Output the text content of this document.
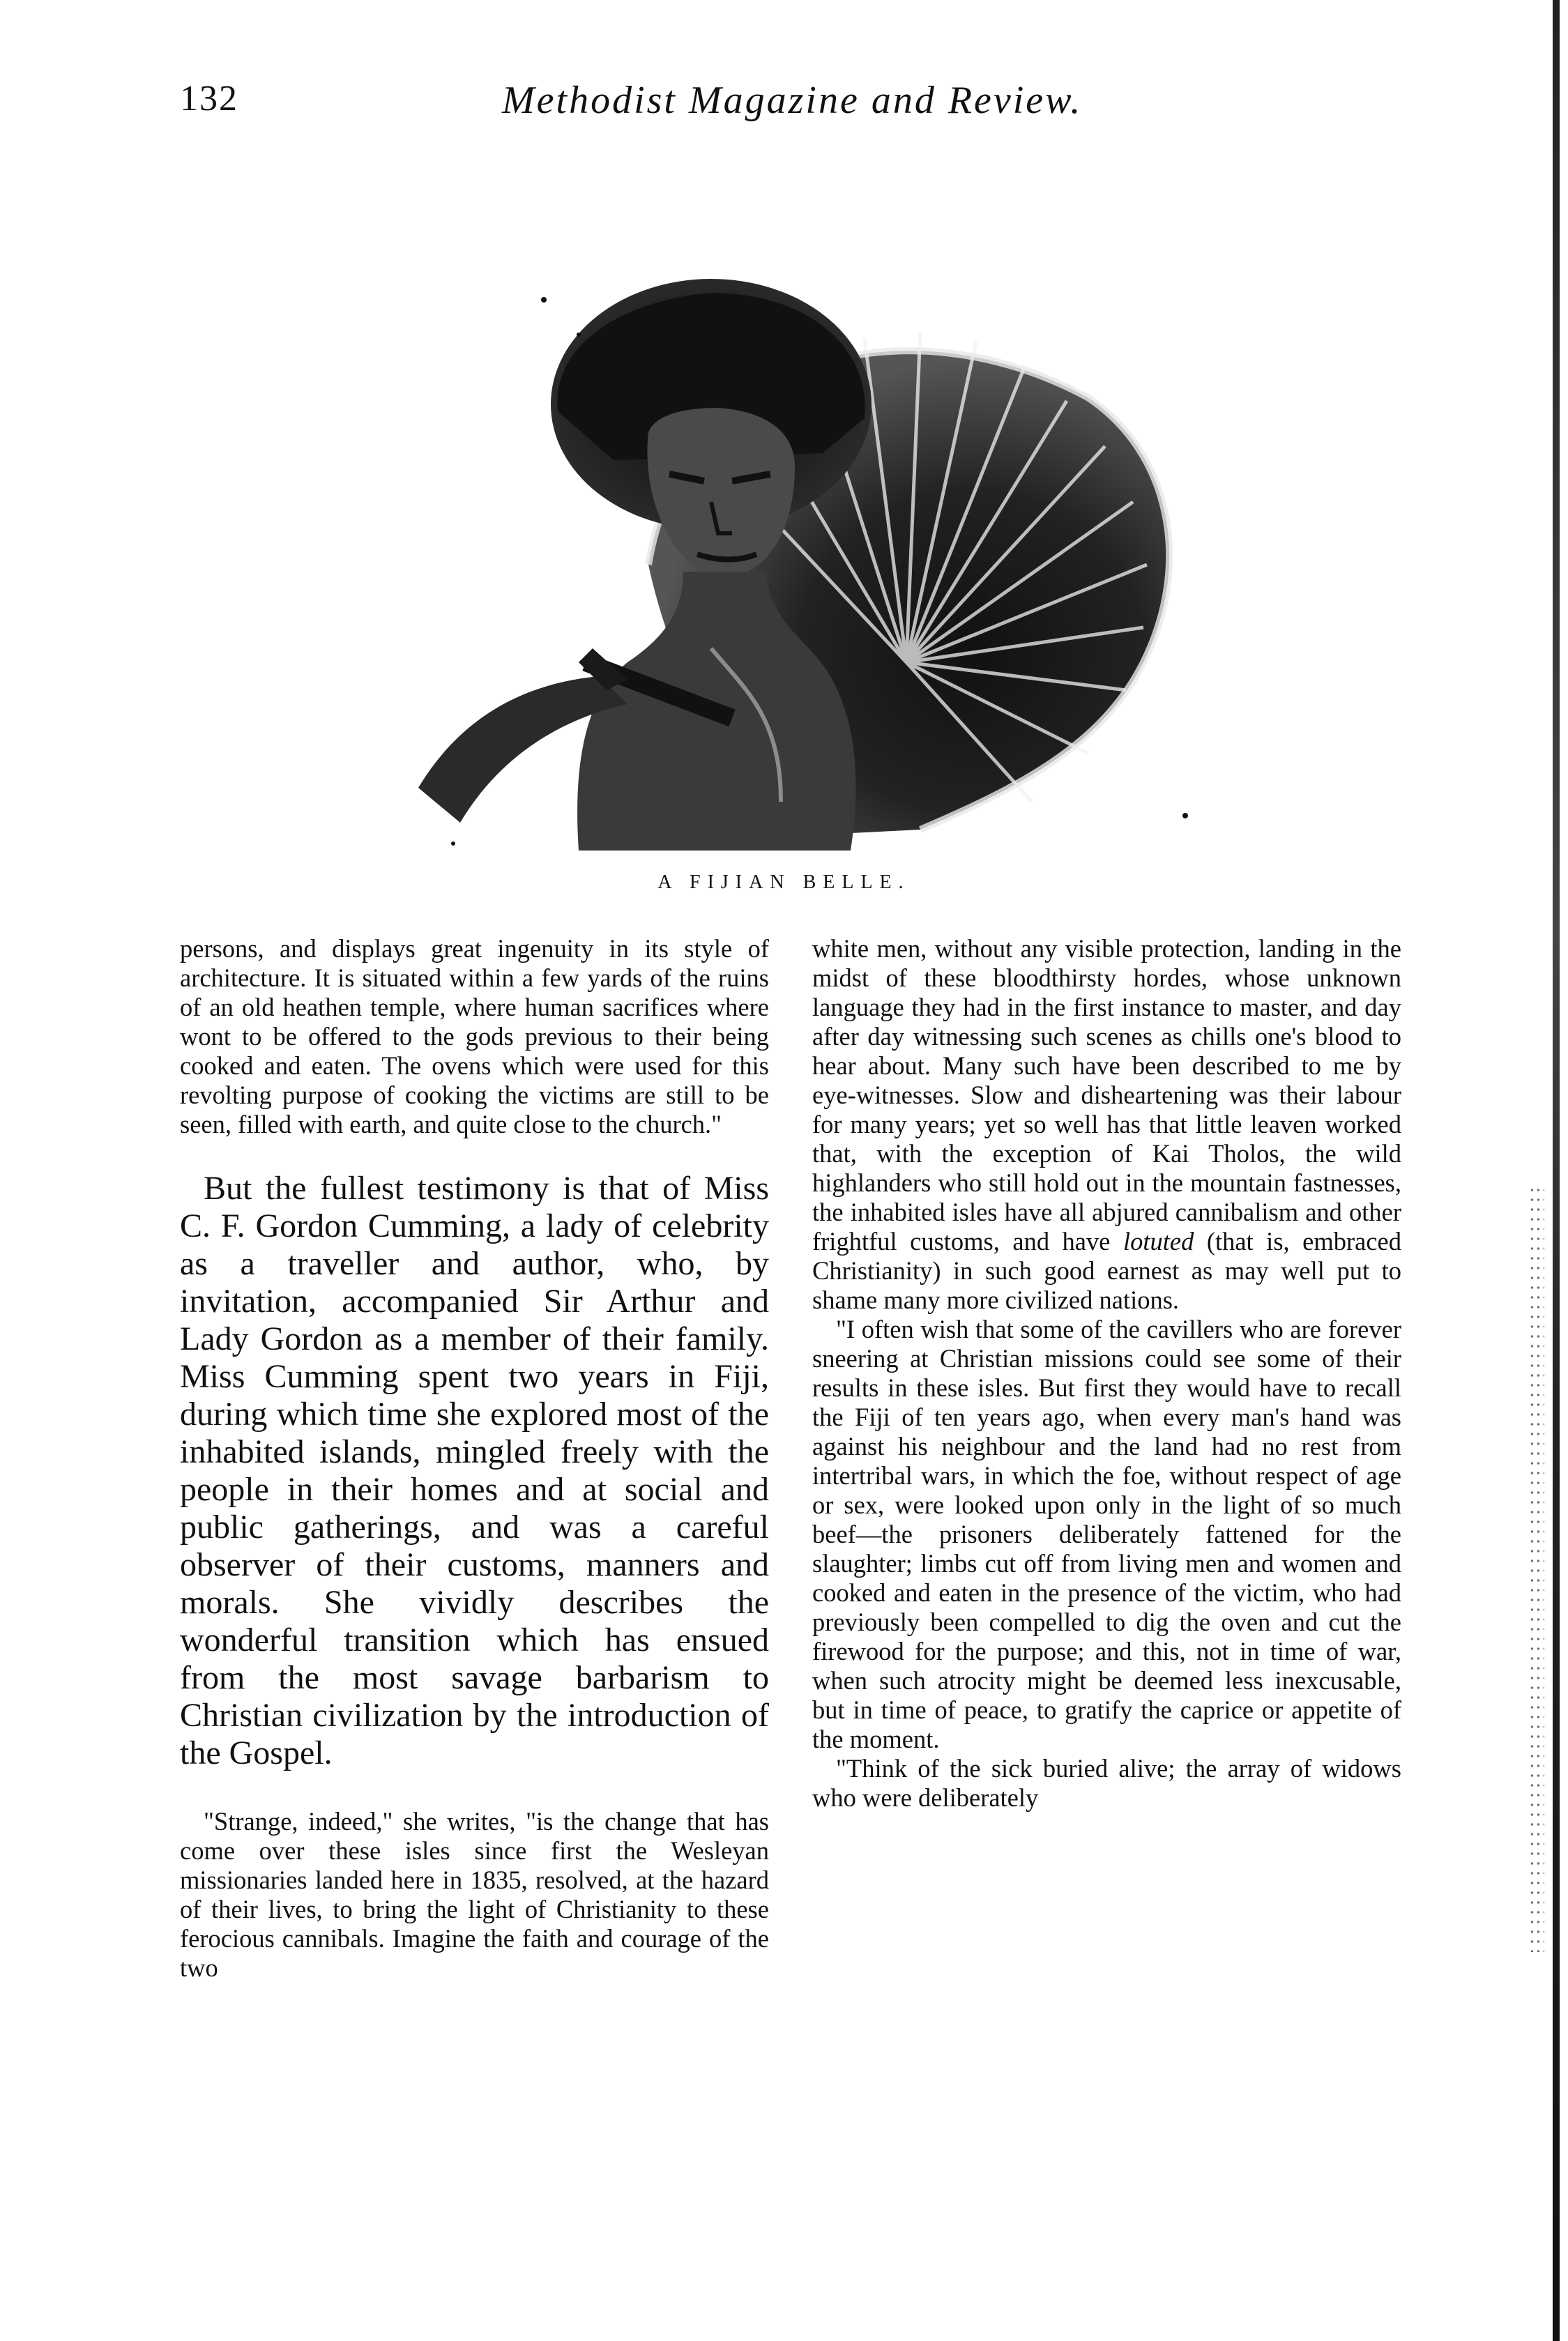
132	Methodist Magazine and Review.
A FIJIAN BELLE.

persons, and displays great ingenuity in its style of architecture. It is situated within a few yards of the ruins of an old heathen temple, where human sacrifices where wont to be offered to the gods previous to their being cooked and eaten. The ovens which were used for this revolting purpose of cooking the victims are still to be seen, filled with earth, and quite close to the church."

But the fullest testimony is that of Miss C. F. Gordon Cumming, a lady of celebrity as a traveller and author, who, by invitation, accompanied Sir Arthur and Lady Gordon as a member of their family. Miss Cumming spent two years in Fiji, during which time she explored most of the inhabited islands, mingled freely with the people in their homes and at social and public gatherings, and was a careful observer of their customs, manners and morals. She vividly describes the wonderful transition which has ensued from the most savage barbarism to Christian civilization by the introduction of the Gospel.

"Strange, indeed," she writes, "is the change that has come over these isles since first the Wesleyan missionaries landed here in 1835, resolved, at the hazard of their lives, to bring the light of Christianity to these ferocious cannibals. Imagine the faith and courage of the two

white men, without any visible protection, landing in the midst of these bloodthirsty hordes, whose unknown language they had in the first instance to master, and day after day witnessing such scenes as chills one's blood to hear about. Many such have been described to me by eye-witnesses. Slow and disheartening was their labour for many years; yet so well has that little leaven worked that, with the exception of Kai Tholos, the wild highlanders who still hold out in the mountain fastnesses, the inhabited isles have all abjured cannibalism and other frightful customs, and have lotuted (that is, embraced Christianity) in such good earnest as may well put to shame many more civilized nations.

"I often wish that some of the cavillers who are forever sneering at Christian missions could see some of their results in these isles. But first they would have to recall the Fiji of ten years ago, when every man's hand was against his neighbour and the land had no rest from intertribal wars, in which the foe, without respect of age or sex, were looked upon only in the light of so much beef—the prisoners deliberately fattened for the slaughter; limbs cut off from living men and women and cooked and eaten in the presence of the victim, who had previously been compelled to dig the oven and cut the firewood for the purpose; and this, not in time of war, when such atrocity might be deemed less inexcusable, but in time of peace, to gratify the caprice or appetite of the moment.

"Think of the sick buried alive; the array of widows who were deliberately
